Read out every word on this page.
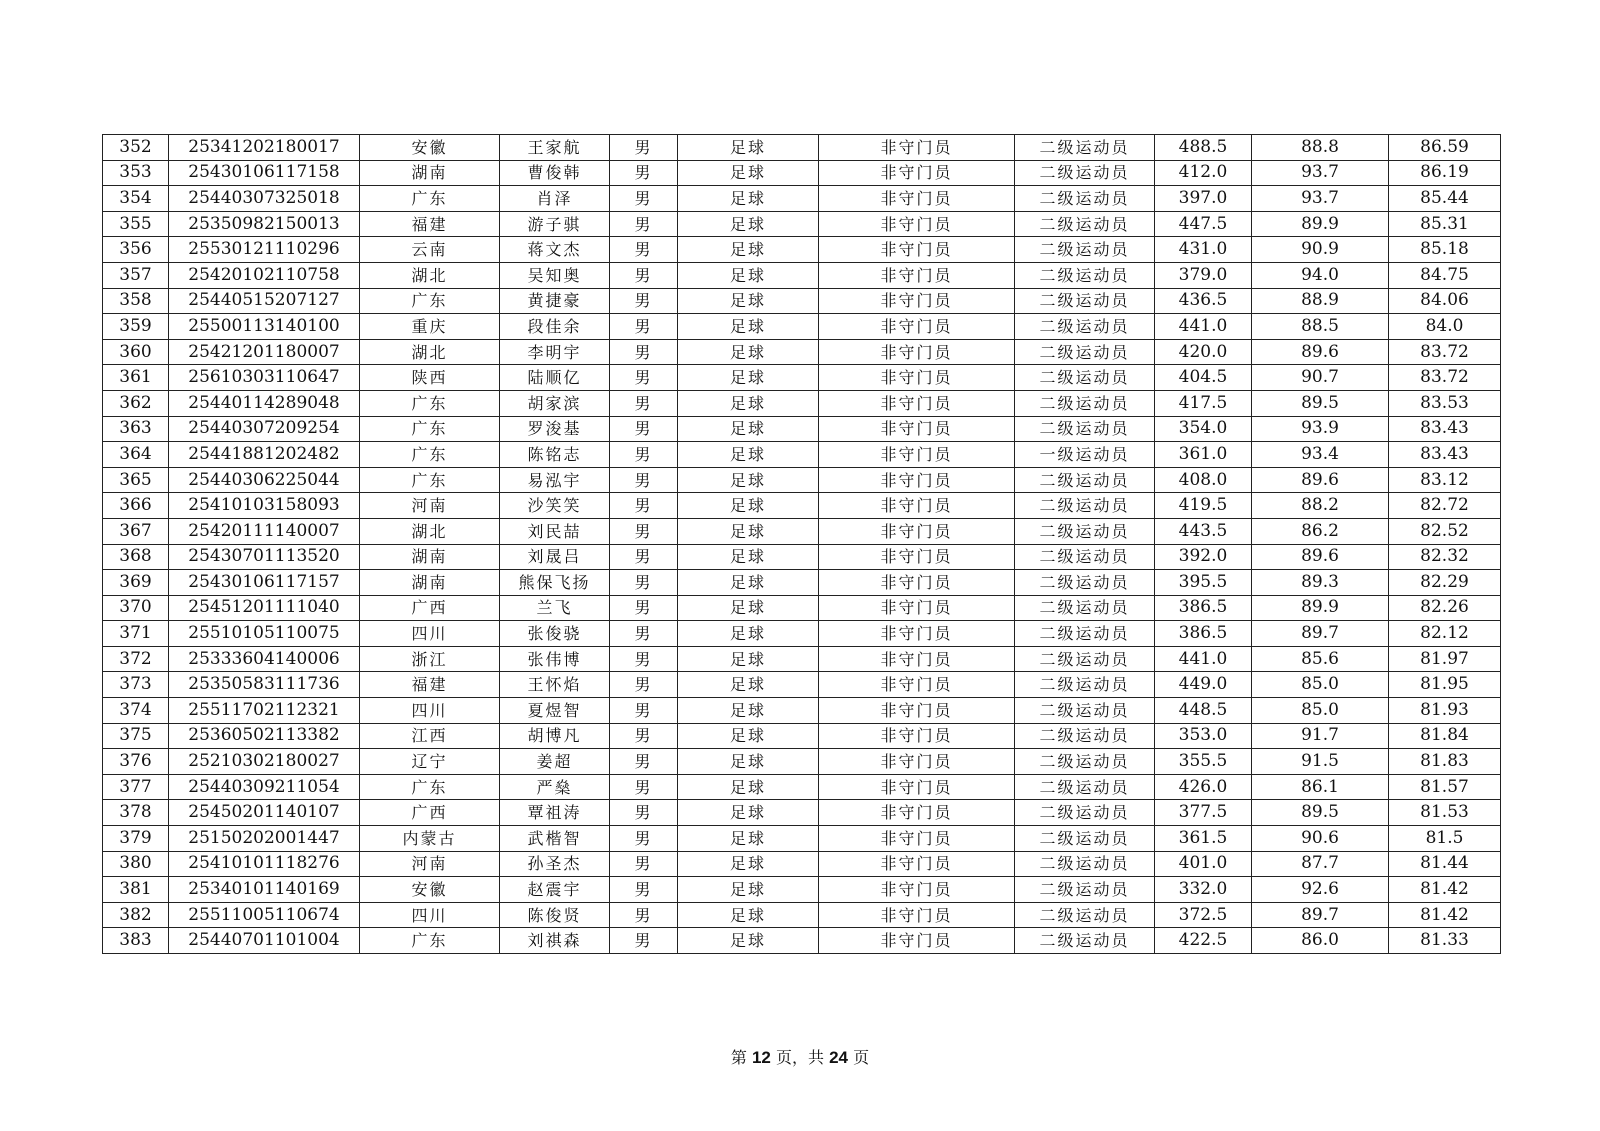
352	25341202180017	安徽	王家航	男	足球	非守门员	二级运动员	488.5	88.8	86.59
353	25430106117158	湖南	曹俊韩	男	足球	非守门员	二级运动员	412.0	93.7	86.19
354	25440307325018	广东	肖泽	男	足球	非守门员	二级运动员	397.0	93.7	85.44
355	25350982150013	福建	游子骐	男	足球	非守门员	二级运动员	447.5	89.9	85.31
356	25530121110296	云南	蒋文杰	男	足球	非守门员	二级运动员	431.0	90.9	85.18
357	25420102110758	湖北	吴知奥	男	足球	非守门员	二级运动员	379.0	94.0	84.75
358	25440515207127	广东	黄捷豪	男	足球	非守门员	二级运动员	436.5	88.9	84.06
359	25500113140100	重庆	段佳余	男	足球	非守门员	二级运动员	441.0	88.5	84.0
360	25421201180007	湖北	李明宇	男	足球	非守门员	二级运动员	420.0	89.6	83.72
361	25610303110647	陕西	陆顺亿	男	足球	非守门员	二级运动员	404.5	90.7	83.72
362	25440114289048	广东	胡家滨	男	足球	非守门员	二级运动员	417.5	89.5	83.53
363	25440307209254	广东	罗浚基	男	足球	非守门员	二级运动员	354.0	93.9	83.43
364	25441881202482	广东	陈铭志	男	足球	非守门员	一级运动员	361.0	93.4	83.43
365	25440306225044	广东	易泓宇	男	足球	非守门员	二级运动员	408.0	89.6	83.12
366	25410103158093	河南	沙笑笑	男	足球	非守门员	二级运动员	419.5	88.2	82.72
367	25420111140007	湖北	刘民喆	男	足球	非守门员	二级运动员	443.5	86.2	82.52
368	25430701113520	湖南	刘晟吕	男	足球	非守门员	二级运动员	392.0	89.6	82.32
369	25430106117157	湖南	熊保飞扬	男	足球	非守门员	二级运动员	395.5	89.3	82.29
370	25451201111040	广西	兰飞	男	足球	非守门员	二级运动员	386.5	89.9	82.26
371	25510105110075	四川	张俊骁	男	足球	非守门员	二级运动员	386.5	89.7	82.12
372	25333604140006	浙江	张伟博	男	足球	非守门员	二级运动员	441.0	85.6	81.97
373	25350583111736	福建	王怀焰	男	足球	非守门员	二级运动员	449.0	85.0	81.95
374	25511702112321	四川	夏煜智	男	足球	非守门员	二级运动员	448.5	85.0	81.93
375	25360502113382	江西	胡博凡	男	足球	非守门员	二级运动员	353.0	91.7	81.84
376	25210302180027	辽宁	姜超	男	足球	非守门员	二级运动员	355.5	91.5	81.83
377	25440309211054	广东	严燊	男	足球	非守门员	二级运动员	426.0	86.1	81.57
378	25450201140107	广西	覃祖涛	男	足球	非守门员	二级运动员	377.5	89.5	81.53
379	25150202001447	内蒙古	武楷智	男	足球	非守门员	二级运动员	361.5	90.6	81.5
380	25410101118276	河南	孙圣杰	男	足球	非守门员	二级运动员	401.0	87.7	81.44
381	25340101140169	安徽	赵震宇	男	足球	非守门员	二级运动员	332.0	92.6	81.42
382	25511005110674	四川	陈俊贤	男	足球	非守门员	二级运动员	372.5	89.7	81.42
383	25440701101004	广东	刘祺森	男	足球	非守门员	二级运动员	422.5	86.0	81.33
第 12 页，共 24 页
